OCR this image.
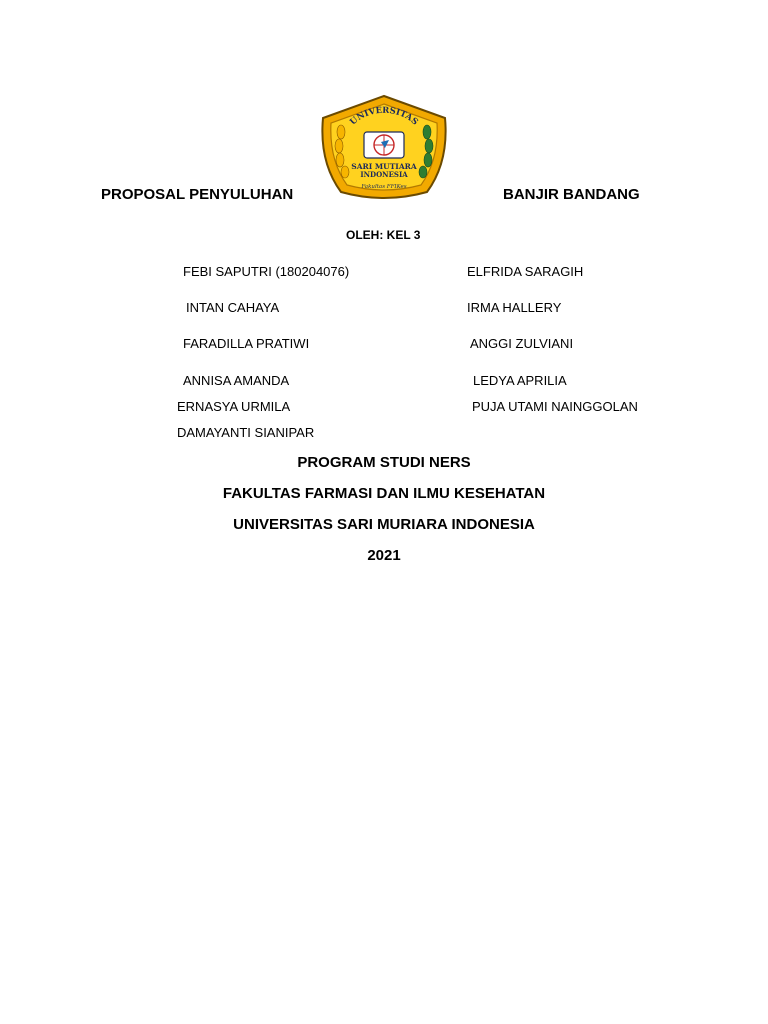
UNIVERSITAS
SARI MUTIARA
INDONESIA
Fakultas FFIKes
PROPOSAL PENYULUHAN	BANJIR BANDANG
OLEH: KEL 3
FEBI SAPUTRI (180204076)
INTAN CAHAYA
FARADILLA PRATIWI
ANNISA AMANDA
ERNASYA URMILA
DAMAYANTI SIANIPAR
ELFRIDA SARAGIH
IRMA HALLERY
ANGGI ZULVIANI
LEDYA APRILIA
PUJA UTAMI NAINGGOLAN
PROGRAM STUDI NERS
FAKULTAS FARMASI DAN ILMU KESEHATAN
UNIVERSITAS SARI MURIARA INDONESIA
2021
